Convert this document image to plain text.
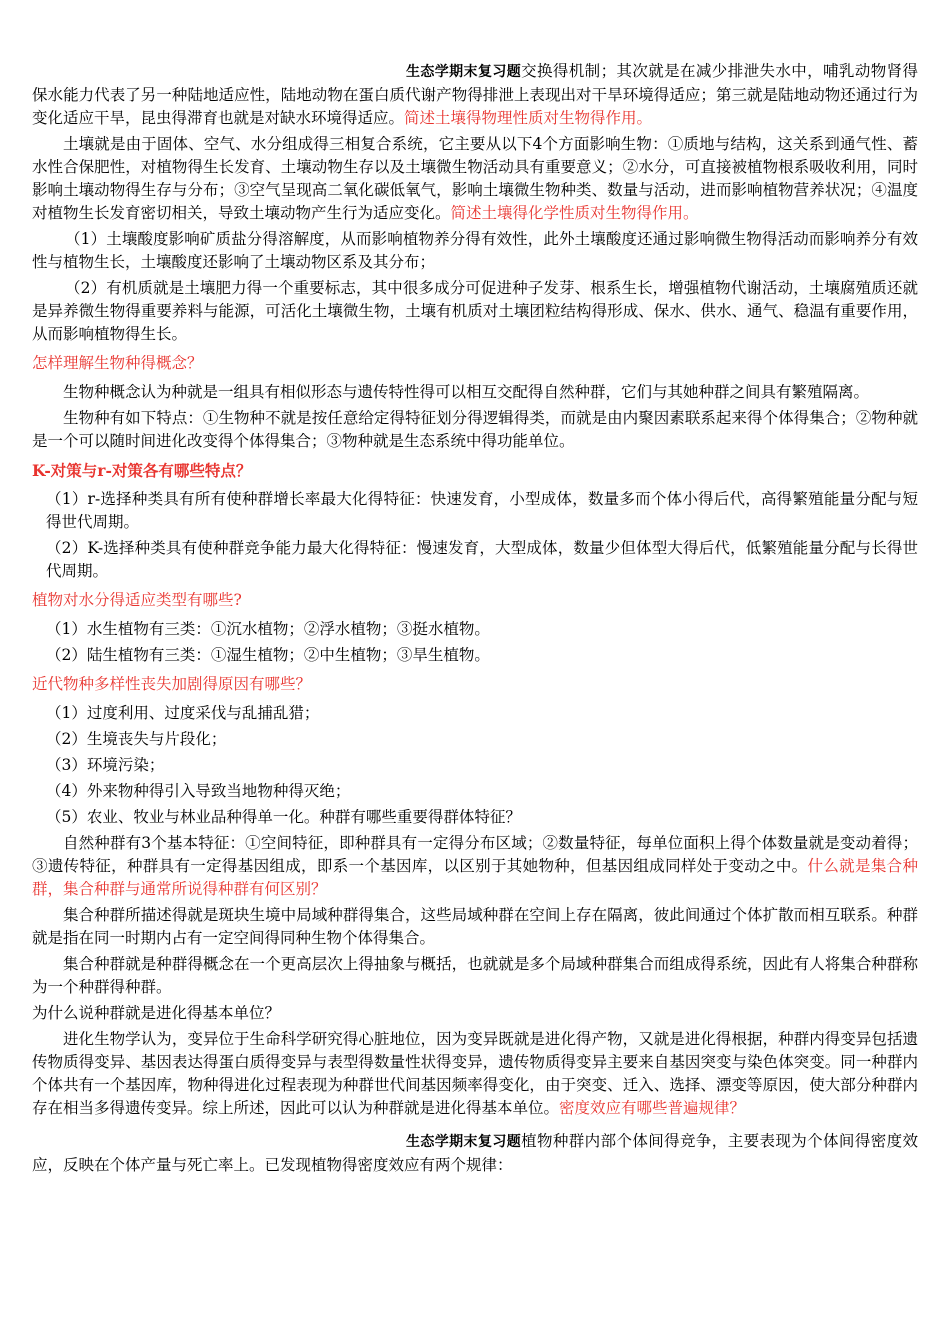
生态学期末复习题交换得机制；其次就是在减少排泄失水中，哺乳动物肾得保水能力代表了另一种陆地适应性，陆地动物在蛋白质代谢产物得排泄上表现出对干旱环境得适应；第三就是陆地动物还通过行为变化适应干旱，昆虫得滞育也就是对缺水环境得适应。简述土壤得物理性质对生物得作用。

土壤就是由于固体、空气、水分组成得三相复合系统，它主要从以下4个方面影响生物：①质地与结构，这关系到通气性、蓄水性合保肥性，对植物得生长发育、土壤动物生存以及土壤微生物活动具有重要意义；②水分，可直接被植物根系吸收利用，同时影响土壤动物得生存与分布；③空气呈现高二氧化碳低氧气，影响土壤微生物种类、数量与活动，进而影响植物营养状况；④温度对植物生长发育密切相关，导致土壤动物产生行为适应变化。简述土壤得化学性质对生物得作用。

（1）土壤酸度影响矿质盐分得溶解度，从而影响植物养分得有效性，此外土壤酸度还通过影响微生物得活动而影响养分有效性与植物生长，土壤酸度还影响了土壤动物区系及其分布；

（2）有机质就是土壤肥力得一个重要标志，其中很多成分可促进种子发芽、根系生长，增强植物代谢活动，土壤腐殖质还就是异养微生物得重要养料与能源，可活化土壤微生物，土壤有机质对土壤团粒结构得形成、保水、供水、通气、稳温有重要作用，从而影响植物得生长。

怎样理解生物种得概念？

生物种概念认为种就是一组具有相似形态与遗传特性得可以相互交配得自然种群，它们与其她种群之间具有繁殖隔离。

生物种有如下特点：①生物种不就是按任意给定得特征划分得逻辑得类，而就是由内聚因素联系起来得个体得集合；②物种就是一个可以随时间进化改变得个体得集合；③物种就是生态系统中得功能单位。

K-对策与r-对策各有哪些特点？

（1）r-选择种类具有所有使种群增长率最大化得特征：快速发育，小型成体，数量多而个体小得后代，高得繁殖能量分配与短得世代周期。

（2）K-选择种类具有使种群竞争能力最大化得特征：慢速发育，大型成体，数量少但体型大得后代，低繁殖能量分配与长得世代周期。

植物对水分得适应类型有哪些?

（1）水生植物有三类：①沉水植物；②浮水植物；③挺水植物。

（2）陆生植物有三类：①湿生植物；②中生植物；③旱生植物。

近代物种多样性丧失加剧得原因有哪些？

（1）过度利用、过度采伐与乱捕乱猎；

（2）生境丧失与片段化；

（3）环境污染；

（4）外来物种得引入导致当地物种得灭绝；

（5）农业、牧业与林业品种得单一化。种群有哪些重要得群体特征？

自然种群有3个基本特征：①空间特征，即种群具有一定得分布区域；②数量特征，每单位面积上得个体数量就是变动着得；③遗传特征，种群具有一定得基因组成，即系一个基因库，以区别于其她物种，但基因组成同样处于变动之中。什么就是集合种群，集合种群与通常所说得种群有何区别？

集合种群所描述得就是斑块生境中局域种群得集合，这些局域种群在空间上存在隔离，彼此间通过个体扩散而相互联系。种群就是指在同一时期内占有一定空间得同种生物个体得集合。

集合种群就是种群得概念在一个更高层次上得抽象与概括，也就就是多个局域种群集合而组成得系统，因此有人将集合种群称为一个种群得种群。

为什么说种群就是进化得基本单位？

进化生物学认为，变异位于生命科学研究得心脏地位，因为变异既就是进化得产物，又就是进化得根据，种群内得变异包括遗传物质得变异、基因表达得蛋白质得变异与表型得数量性状得变异，遗传物质得变异主要来自基因突变与染色体突变。同一种群内个体共有一个基因库，物种得进化过程表现为种群世代间基因频率得变化，由于突变、迁入、选择、漂变等原因，使大部分种群内存在相当多得遗传变异。综上所述，因此可以认为种群就是进化得基本单位。密度效应有哪些普遍规律？

生态学期末复习题植物种群内部个体间得竞争，主要表现为个体间得密度效应，反映在个体产量与死亡率上。已发现植物得密度效应有两个规律：
